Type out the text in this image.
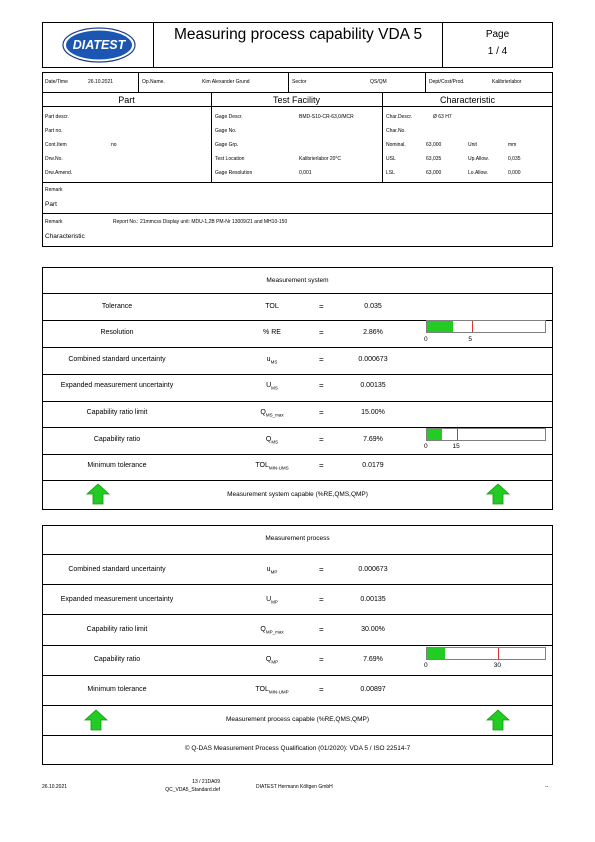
DIATEST
Measuring process capability VDA 5	Page
1 / 4
Date/Time	26.10.2021	Op.Name.	Kim Alexander Grund	Sector	QS/QM	Dept/Cost/Prod.	Kalibrierlabor
Part	Test Facility	Characteristic
Part descr.
Part no.
Cont.Item	no
Drw.No.
Drw.Amend.
Gage Descr.	BMD-S10-CR-63,0/MCR
Gage No.
Gage Grp.
Test Location	Kalibrierlabor 20°C
Gage Resolution	0,001
Char.Descr.	Ø 63 H7
Char.No.
Nominal.	63,000	Unit	mm
USL	63,035	Up.Allow.	0,035
LSL	63,000	Lo.Allow.	0,000
Remark
Part
Remark	Report No.: 21mmcss Display unit: MDU-1,2B PM-Nr 13009/21 and MH10-150
Characteristic
Measurement system
Tolerance	TOL	=	0.035
Resolution	% RE	=	2.86%
Combined standard uncertainty	$u_{MS}$	=	0.000673
Expanded measurement uncertainty	$U_{MS}$	=	0.00135
Capability ratio limit	$Q_{MS\_max}$	=	15.00%
Capability ratio	$Q_{MS}$	=	7.69%
Minimum tolerance	$TOL_{MIN-UMS}$	=	0.0179
0	5
0	15
Measurement system capable (%RE,QMS,QMP)
Measurement process
Combined standard uncertainty	$u_{MP}$	=	0.000673
Expanded measurement uncertainty	$U_{MP}$	=	0.00135
Capability ratio limit	$Q_{MP\_max}$	=	30.00%
Capability ratio	$Q_{MP}$	=	7.69%
Minimum tolerance	$TOL_{MIN-UMP}$	=	0.00897
0	30
Measurement process capable (%RE,QMS,QMP)
© Q-DAS Measurement Process Qualification (01/2020): VDA 5 / ISO 22514-7
26.10.2021
13 / 21DA09
QC_VDA5_Standard.def	DIATEST Hermann Költgen GmbH	--
